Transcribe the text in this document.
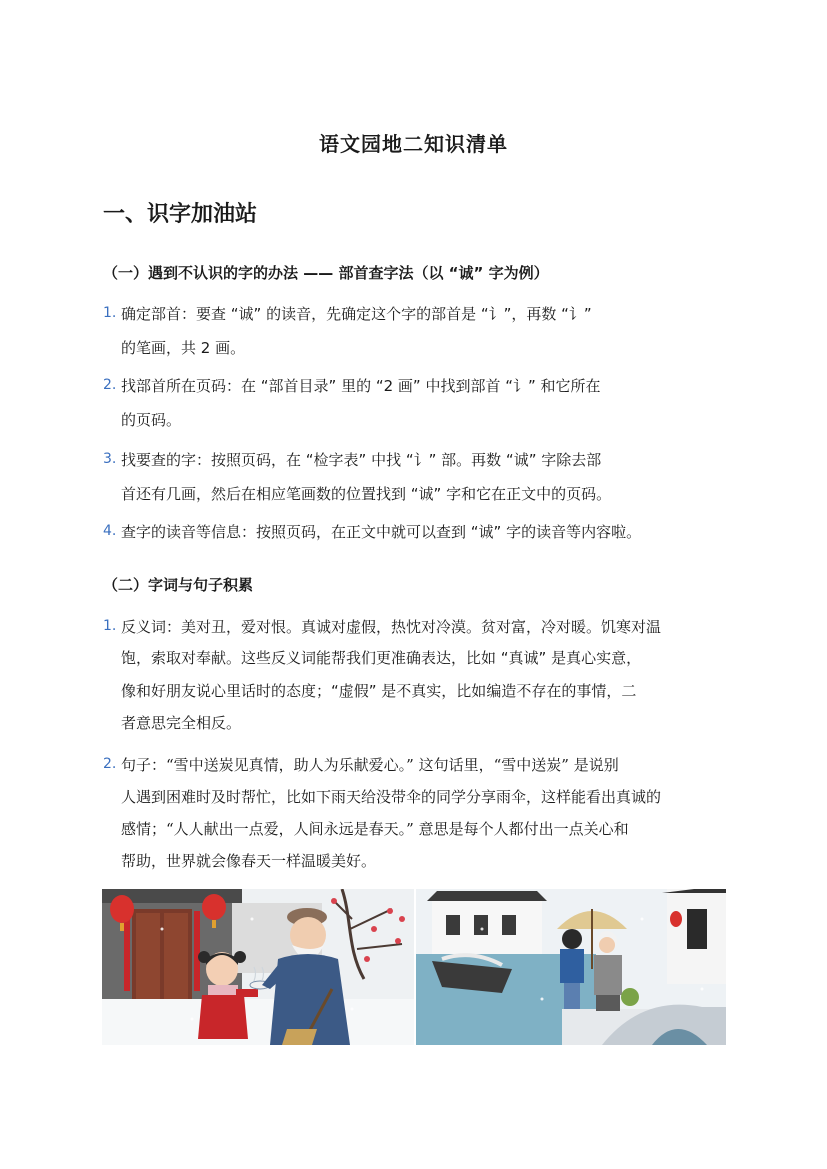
语文园地二知识清单
一、识字加油站
（一）遇到不认识的字的办法 —— 部首查字法（以 “诚” 字为例）
1. 确定部首：要查 “诚” 的读音，先确定这个字的部首是 “讠”，再数 “讠”
的笔画，共 2 画。
2. 找部首所在页码：在 “部首目录” 里的 “2 画” 中找到部首 “讠” 和它所在
的页码。
3. 找要查的字：按照页码，在 “检字表” 中找 “讠” 部。再数 “诚” 字除去部
首还有几画，然后在相应笔画数的位置找到 “诚” 字和它在正文中的页码。
4. 查字的读音等信息：按照页码，在正文中就可以查到 “诚” 字的读音等内容啦。
（二）字词与句子积累
1. 反义词：美对丑，爱对恨。真诚对虚假，热忱对冷漠。贫对富，冷对暖。饥寒对温
饱，索取对奉献。这些反义词能帮我们更准确表达，比如 “真诚” 是真心实意，
像和好朋友说心里话时的态度；“虚假” 是不真实，比如编造不存在的事情，二
者意思完全相反。
2. 句子：“雪中送炭见真情，助人为乐献爱心。” 这句话里，“雪中送炭” 是说别
人遇到困难时及时帮忙，比如下雨天给没带伞的同学分享雨伞，这样能看出真诚的
感情；“人人献出一点爱，人间永远是春天。” 意思是每个人都付出一点关心和
帮助，世界就会像春天一样温暖美好。
